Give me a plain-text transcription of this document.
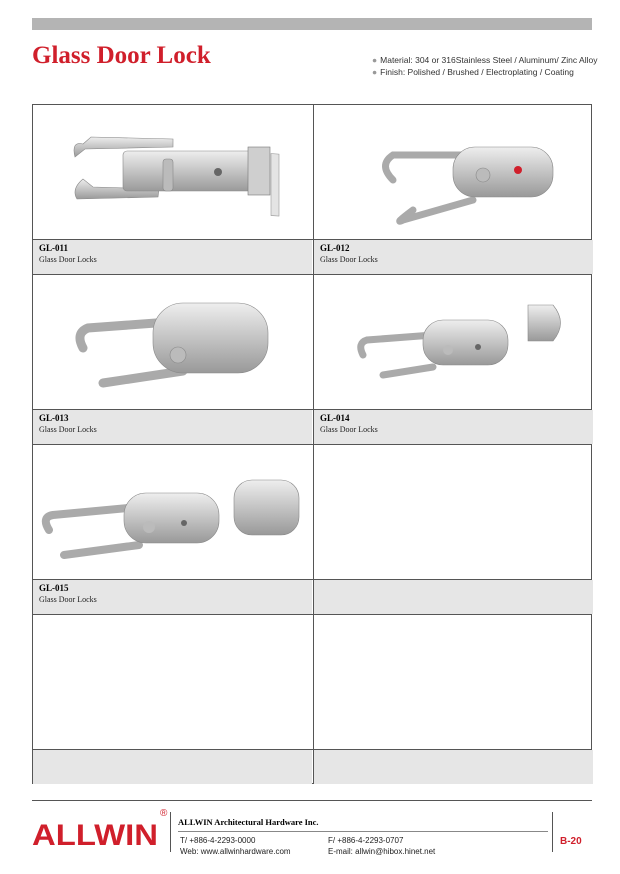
Glass Door Lock	● Material: 304 or 316Stainless Steel / Aluminum/ Zinc Alloy
● Finish: Polished / Brushed / Electroplating / Coating
GL-011
Glass Door Locks
GL-012
Glass Door Locks
GL-013
Glass Door Locks
GL-014
Glass Door Locks
GL-015
Glass Door Locks
ALLWIN
®
ALLWIN Architectural Hardware Inc.
T/ +886-4-2293-0000
Web: www.allwinhardware.com
F/ +886-4-2293-0707
E-mail: allwin@hibox.hinet.net
B-20
